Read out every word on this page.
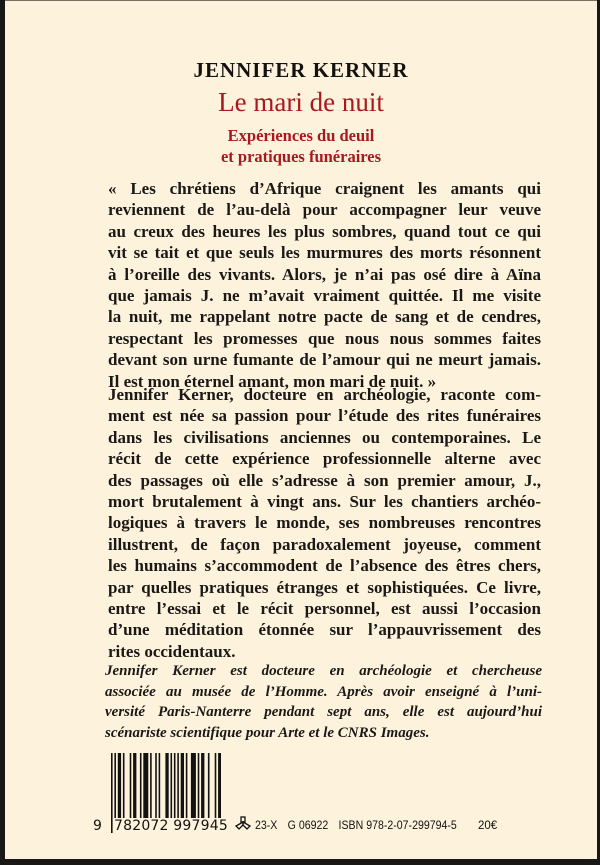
JENNIFER KERNER
Le mari de nuit
Expériences du deuil
et pratiques funéraires
« Les chrétiens d’Afrique craignent les amants qui
reviennent de l’au-delà pour accompagner leur veuve
au creux des heures les plus sombres, quand tout ce qui
vit se tait et que seuls les murmures des morts résonnent
à l’oreille des vivants. Alors, je n’ai pas osé dire à Aïna
que jamais J. ne m’avait vraiment quittée. Il me visite
la nuit, me rappelant notre pacte de sang et de cendres,
respectant les promesses que nous nous sommes faites
devant son urne fumante de l’amour qui ne meurt jamais.
Il est mon éternel amant, mon mari de nuit. »
Jennifer Kerner, docteure en archéologie, raconte com-
ment est née sa passion pour l’étude des rites funéraires
dans les civilisations anciennes ou contemporaines. Le
récit de cette expérience professionnelle alterne avec
des passages où elle s’adresse à son premier amour, J.,
mort brutalement à vingt ans. Sur les chantiers archéo-
logiques à travers le monde, ses nombreuses rencontres
illustrent, de façon paradoxalement joyeuse, comment
les humains s’accommodent de l’absence des êtres chers,
par quelles pratiques étranges et sophistiquées. Ce livre,
entre l’essai et le récit personnel, est aussi l’occasion
d’une méditation étonnée sur l’appauvrissement des
rites occidentaux.
Jennifer Kerner est docteure en archéologie et chercheuse
associée au musée de l’Homme. Après avoir enseigné à l’uni-
versité Paris-Nanterre pendant sept ans, elle est aujourd’hui
scénariste scientifique pour Arte et le CNRS Images.
9 782072 997945 23-X G 06922 ISBN 978-2-07-299794-5	20€
